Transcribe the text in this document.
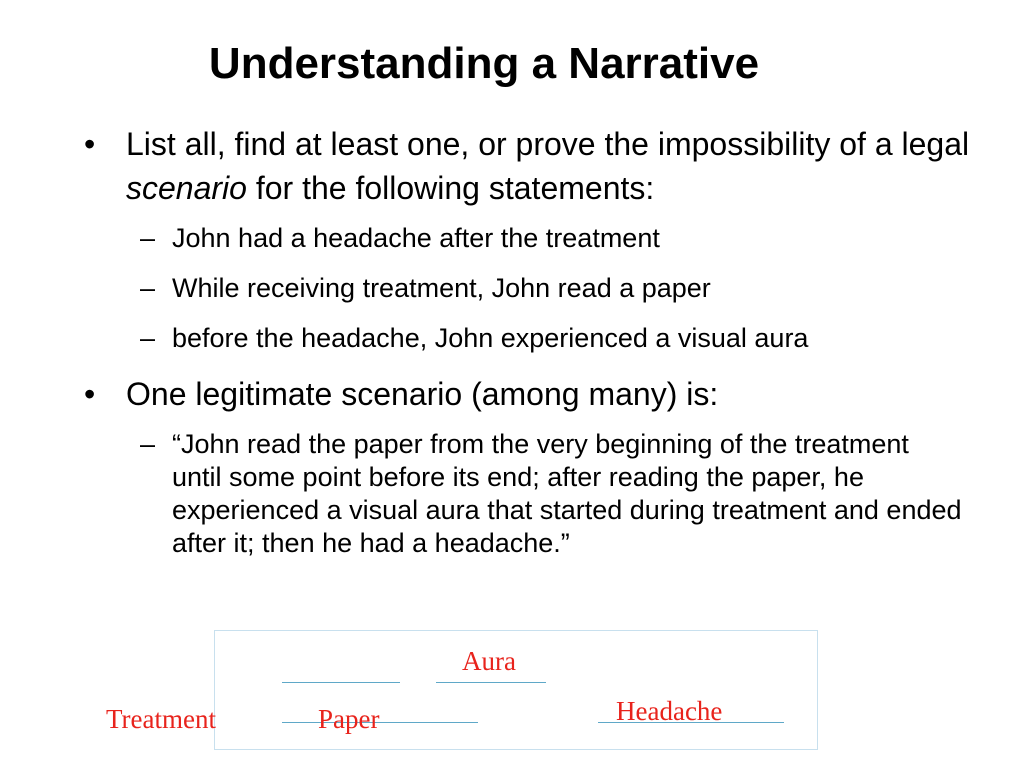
Understanding a Narrative
• List all, find at least one, or prove the impossibility of a legal scenario for the following statements:
– John had a headache after the treatment
– While receiving treatment, John read a paper
– before the headache, John experienced a visual aura
• One legitimate scenario (among many) is:
– “John read the paper from the very beginning of the treatment until some point before its end; after reading the paper, he experienced a visual aura that started during treatment and ended after it; then he had a headache.”
Aura
Headache
Treatment	Paper
